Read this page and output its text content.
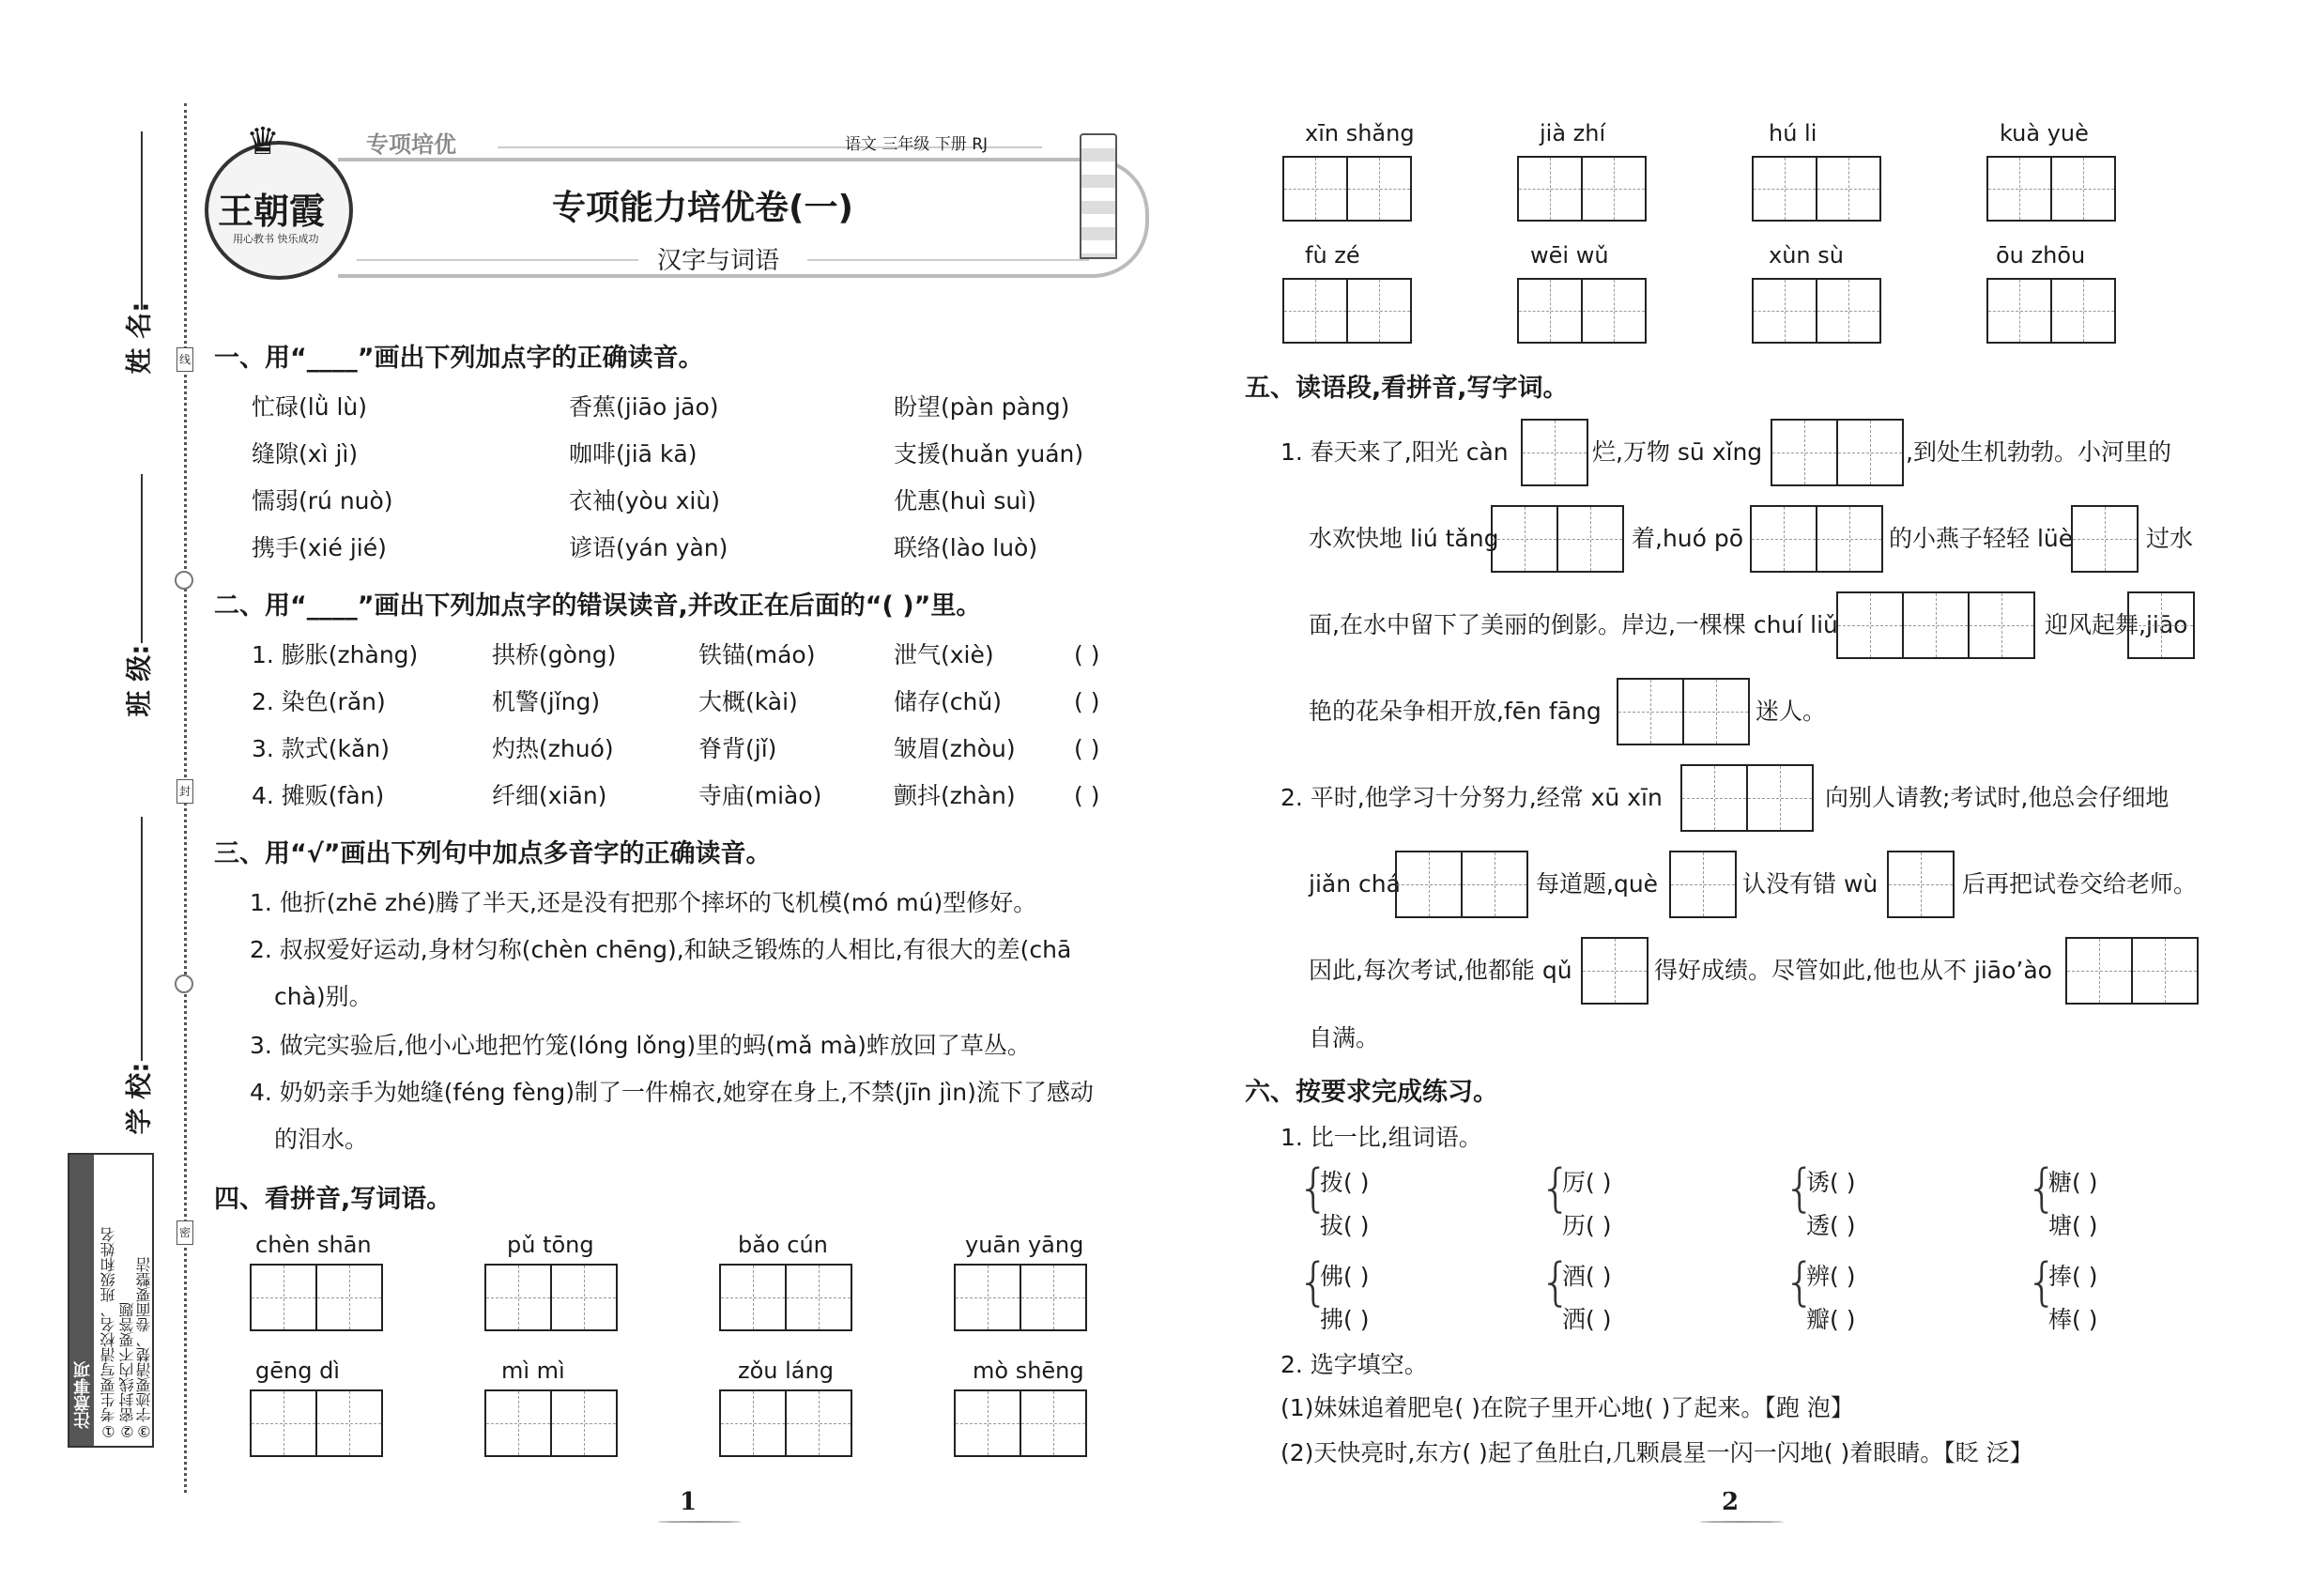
线
封
密
姓 名:
班 级:
学 校:
注意事项 ①考生要写清校名、班级和姓名 ②密封线内不要答题 ③字迹要清楚、卷面要整洁
♛
王朝霞
用心教书 快乐成功
专项培优	语文 三年级 下册 RJ
专项能力培优卷(一)
汉字与词语
一、用“____”画出下列加点字的正确读音。
忙碌(lǜ lù)	香蕉(jiāo jāo)	盼望(pàn pàng)
缝隙(xì jì)	咖啡(jiā kā)	支援(huǎn yuán)
懦弱(rú nuò)	衣袖(yòu xiù)	优惠(huì suì)
携手(xié jié)	谚语(yán yàn)	联络(lào luò)
二、用“____”画出下列加点字的错误读音,并改正在后面的“( )”里。
1. 膨胀(zhàng)	拱桥(gòng)	铁锚(máo)	泄气(xiè)	( )
2. 染色(rǎn)	机警(jǐng)	大概(kài)	储存(chǔ)	( )
3. 款式(kǎn)	灼热(zhuó)	脊背(jǐ)	皱眉(zhòu) ( )
4. 摊贩(fàn)	纤细(xiān)	寺庙(miào)	颤抖(zhàn) ( )
三、用“√”画出下列句中加点多音字的正确读音。
1. 他折(zhē zhé)腾了半天,还是没有把那个摔坏的飞机模(mó mú)型修好。
2. 叔叔爱好运动,身材匀称(chèn chēng),和缺乏锻炼的人相比,有很大的差(chā
chà)别。
3. 做完实验后,他小心地把竹笼(lóng lǒng)里的蚂(mǎ mà)蚱放回了草丛。
4. 奶奶亲手为她缝(féng fèng)制了一件棉衣,她穿在身上,不禁(jīn jìn)流下了感动
的泪水。
四、看拼音,写词语。
chèn shān	pǔ tōng	bǎo cún	yuān yāng
gēng dì	mì mì	zǒu láng	mò shēng
1
xīn shǎng	jià zhí	hú li	kuà yuè
fù zé	wēi wǔ	xùn sù	ōu zhōu
五、读语段,看拼音,写字词。
1. 春天来了,阳光 càn	烂,万物 sū xǐng	,到处生机勃勃。小河里的
水欢快地 liú tǎng	着,huó pō	的小燕子轻轻 lüè	过水
面,在水中留下了美丽的倒影。岸边,一棵棵 chuí liǔ	迎风起舞,jiāo
艳的花朵争相开放,fēn fāng	迷人。
2. 平时,他学习十分努力,经常 xū xīn	向别人请教;考试时,他总会仔细地
jiǎn chá	每道题,què	认没有错 wù	后再把试卷交给老师。
因此,每次考试,他都能 qǔ	得好成绩。尽管如此,他也从不 jiāo’ào
自满。
六、按要求完成练习。
1. 比一比,组词语。
{
拨( )
拔( )
{
厉( )
历( )
{
诱( )
透( )
{
糖( )
塘( )
{
佛( )
拂( )
{
酒( )
洒( )
{
辨( )
瓣( )
{
捧( )
棒( )
2. 选字填空。
(1)妹妹追着肥皂( )在院子里开心地( )了起来。【跑 泡】
(2)天快亮时,东方( )起了鱼肚白,几颗晨星一闪一闪地( )着眼睛。【眨 泛】
2
